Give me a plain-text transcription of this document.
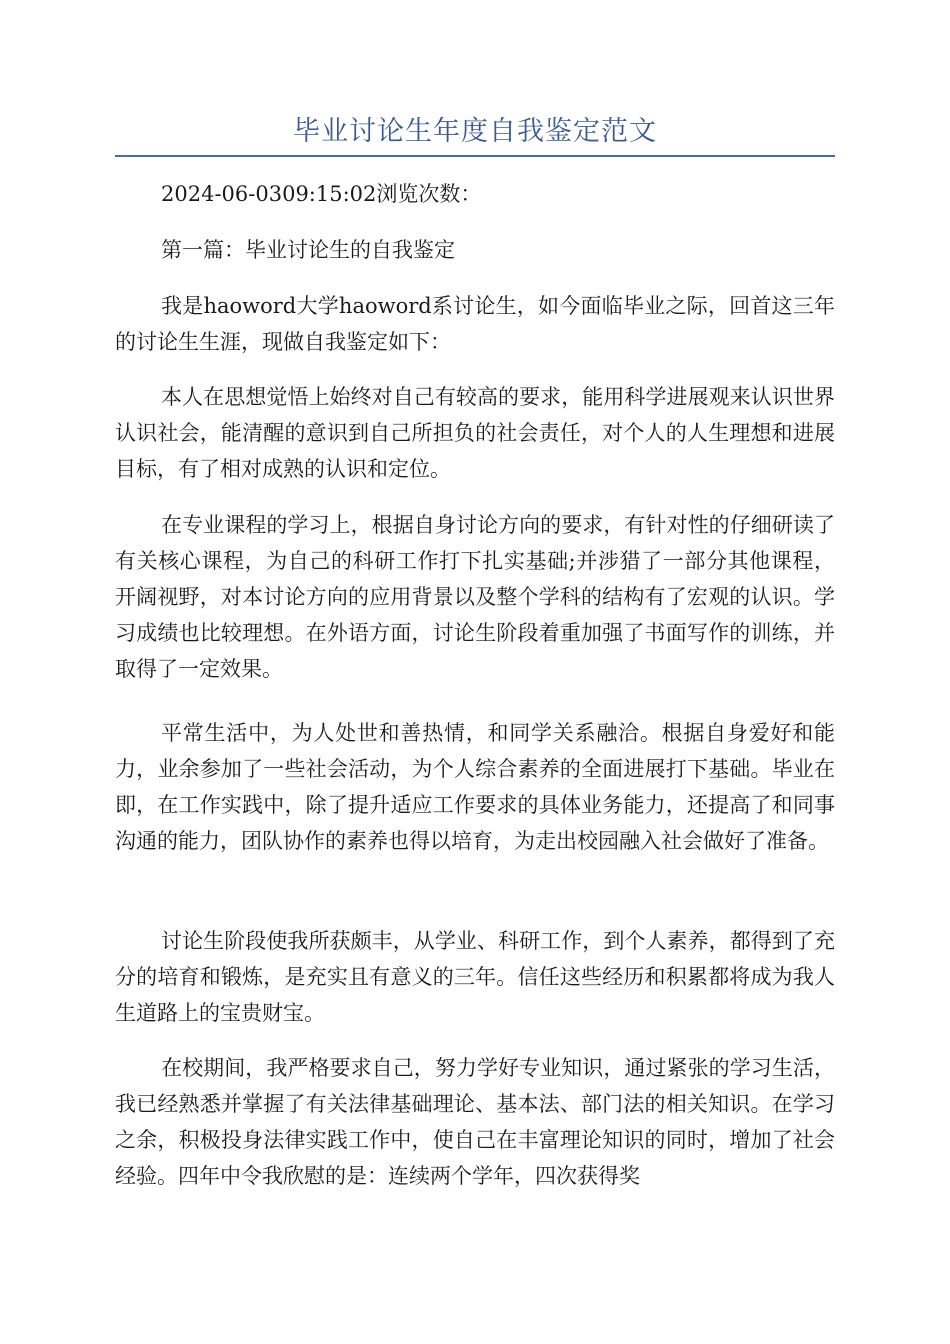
毕业讨论生年度自我鉴定范文

2024-06-0309:15:02浏览次数：

第一篇：毕业讨论生的自我鉴定

我是haoword大学haoword系讨论生，如今面临毕业之际，回首这三年的讨论生生涯，现做自我鉴定如下：

本人在思想觉悟上始终对自己有较高的要求，能用科学进展观来认识世界认识社会，能清醒的意识到自己所担负的社会责任，对个人的人生理想和进展目标，有了相对成熟的认识和定位。

在专业课程的学习上，根据自身讨论方向的要求，有针对性的仔细研读了有关核心课程，为自己的科研工作打下扎实基础;并涉猎了一部分其他课程，开阔视野，对本讨论方向的应用背景以及整个学科的结构有了宏观的认识。学习成绩也比较理想。在外语方面，讨论生阶段着重加强了书面写作的训练，并取得了一定效果。

平常生活中，为人处世和善热情，和同学关系融洽。根据自身爱好和能力，业余参加了一些社会活动，为个人综合素养的全面进展打下基础。毕业在即，在工作实践中，除了提升适应工作要求的具体业务能力，还提高了和同事沟通的能力，团队协作的素养也得以培育，为走出校园融入社会做好了准备。

讨论生阶段使我所获颇丰，从学业、科研工作，到个人素养，都得到了充分的培育和锻炼，是充实且有意义的三年。信任这些经历和积累都将成为我人生道路上的宝贵财宝。

在校期间，我严格要求自己，努力学好专业知识，通过紧张的学习生活，我已经熟悉并掌握了有关法律基础理论、基本法、部门法的相关知识。在学习之余，积极投身法律实践工作中，使自己在丰富理论知识的同时，增加了社会经验。四年中令我欣慰的是：连续两个学年，四次获得奖
